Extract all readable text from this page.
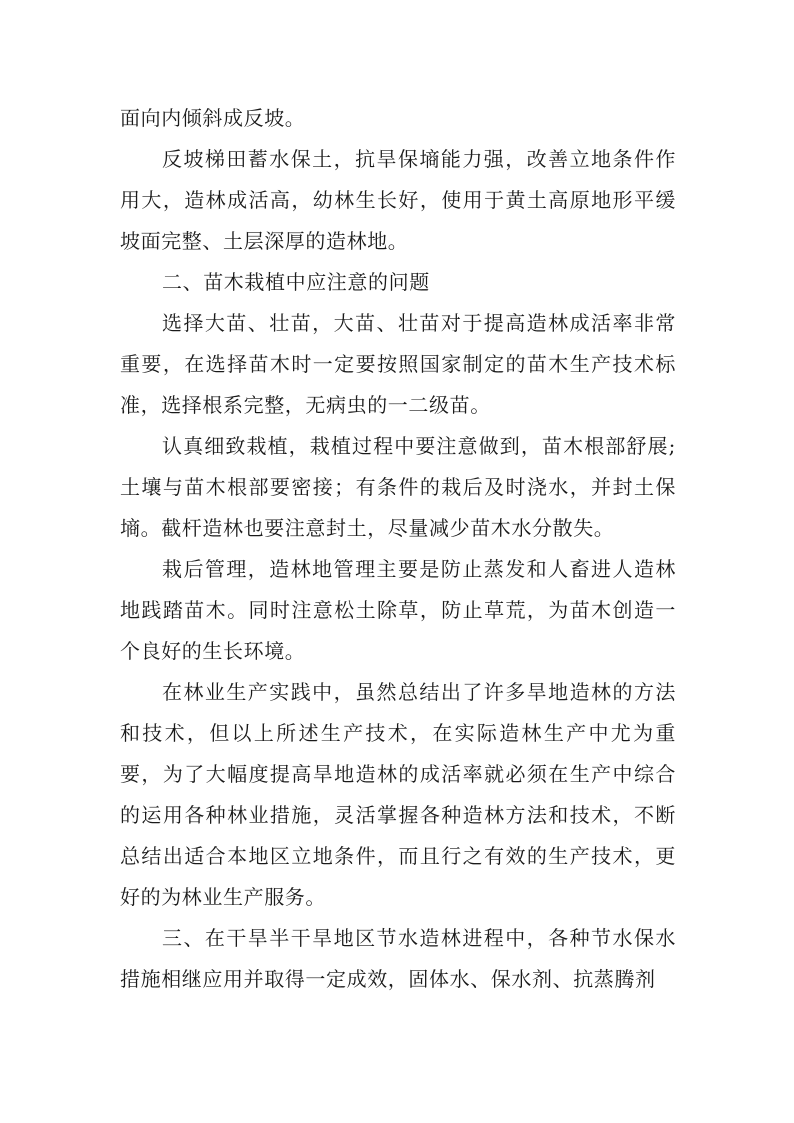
面向内倾斜成反坡。

反坡梯田蓄水保土，抗旱保墒能力强，改善立地条件作用大，造林成活高，幼林生长好，使用于黄土高原地形平缓坡面完整、土层深厚的造林地。

二、苗木栽植中应注意的问题

选择大苗、壮苗，大苗、壮苗对于提高造林成活率非常重要，在选择苗木时一定要按照国家制定的苗木生产技术标准，选择根系完整，无病虫的一二级苗。

认真细致栽植，栽植过程中要注意做到，苗木根部舒展;土壤与苗木根部要密接；有条件的栽后及时浇水，并封土保墒。截杆造林也要注意封土，尽量减少苗木水分散失。

栽后管理，造林地管理主要是防止蒸发和人畜进人造林地践踏苗木。同时注意松土除草，防止草荒，为苗木创造一个良好的生长环境。

在林业生产实践中，虽然总结出了许多旱地造林的方法和技术，但以上所述生产技术，在实际造林生产中尤为重要，为了大幅度提高旱地造林的成活率就必须在生产中综合的运用各种林业措施，灵活掌握各种造林方法和技术，不断总结出适合本地区立地条件，而且行之有效的生产技术，更好的为林业生产服务。

三、在干旱半干旱地区节水造林进程中，各种节水保水措施相继应用并取得一定成效，固体水、保水剂、抗蒸腾剂
